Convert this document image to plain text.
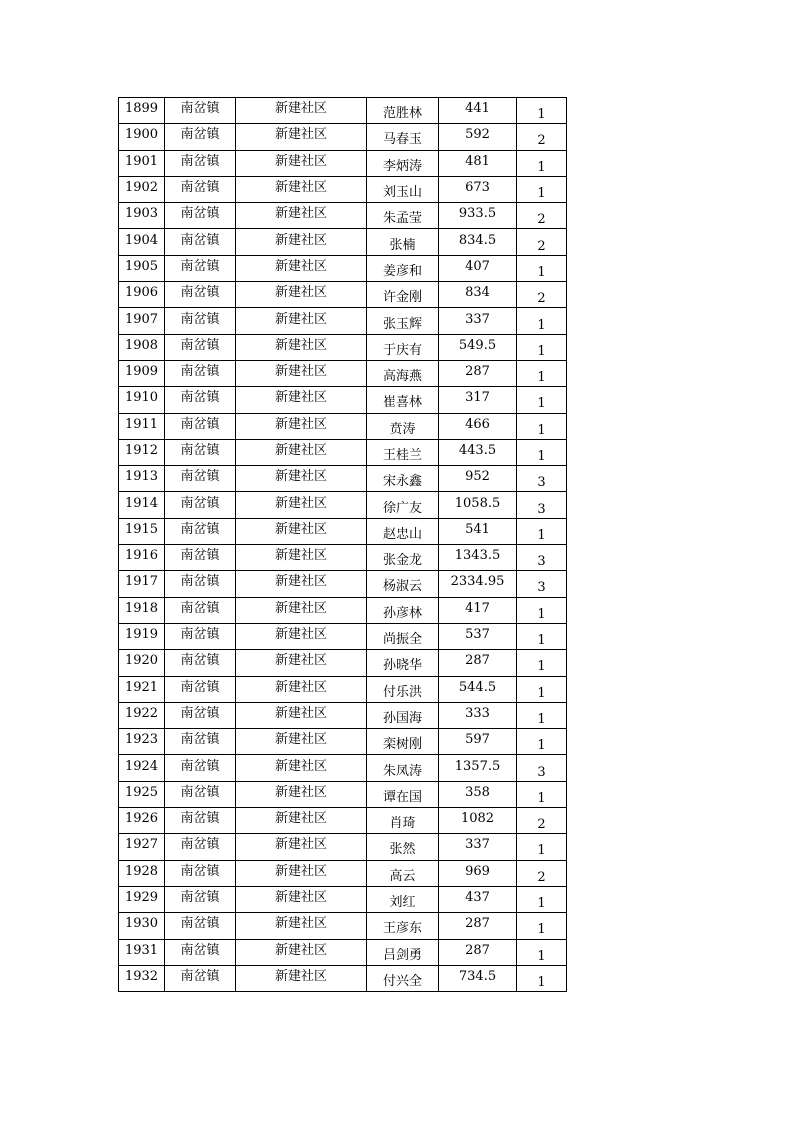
1899	南岔镇	新建社区	范胜林	441	1
1900	南岔镇	新建社区	马春玉	592	2
1901	南岔镇	新建社区	李炳涛	481	1
1902	南岔镇	新建社区	刘玉山	673	1
1903	南岔镇	新建社区	朱孟莹	933.5	2
1904	南岔镇	新建社区	张楠	834.5	2
1905	南岔镇	新建社区	姜彦和	407	1
1906	南岔镇	新建社区	许金刚	834	2
1907	南岔镇	新建社区	张玉辉	337	1
1908	南岔镇	新建社区	于庆有	549.5	1
1909	南岔镇	新建社区	高海燕	287	1
1910	南岔镇	新建社区	崔喜林	317	1
1911	南岔镇	新建社区	贲涛	466	1
1912	南岔镇	新建社区	王桂兰	443.5	1
1913	南岔镇	新建社区	宋永鑫	952	3
1914	南岔镇	新建社区	徐广友	1058.5	3
1915	南岔镇	新建社区	赵忠山	541	1
1916	南岔镇	新建社区	张金龙	1343.5	3
1917	南岔镇	新建社区	杨淑云	2334.95	3
1918	南岔镇	新建社区	孙彦林	417	1
1919	南岔镇	新建社区	尚振全	537	1
1920	南岔镇	新建社区	孙晓华	287	1
1921	南岔镇	新建社区	付乐洪	544.5	1
1922	南岔镇	新建社区	孙国海	333	1
1923	南岔镇	新建社区	栾树刚	597	1
1924	南岔镇	新建社区	朱凤涛	1357.5	3
1925	南岔镇	新建社区	谭在国	358	1
1926	南岔镇	新建社区	肖琦	1082	2
1927	南岔镇	新建社区	张然	337	1
1928	南岔镇	新建社区	高云	969	2
1929	南岔镇	新建社区	刘红	437	1
1930	南岔镇	新建社区	王彦东	287	1
1931	南岔镇	新建社区	吕剑勇	287	1
1932	南岔镇	新建社区	付兴全	734.5	1
